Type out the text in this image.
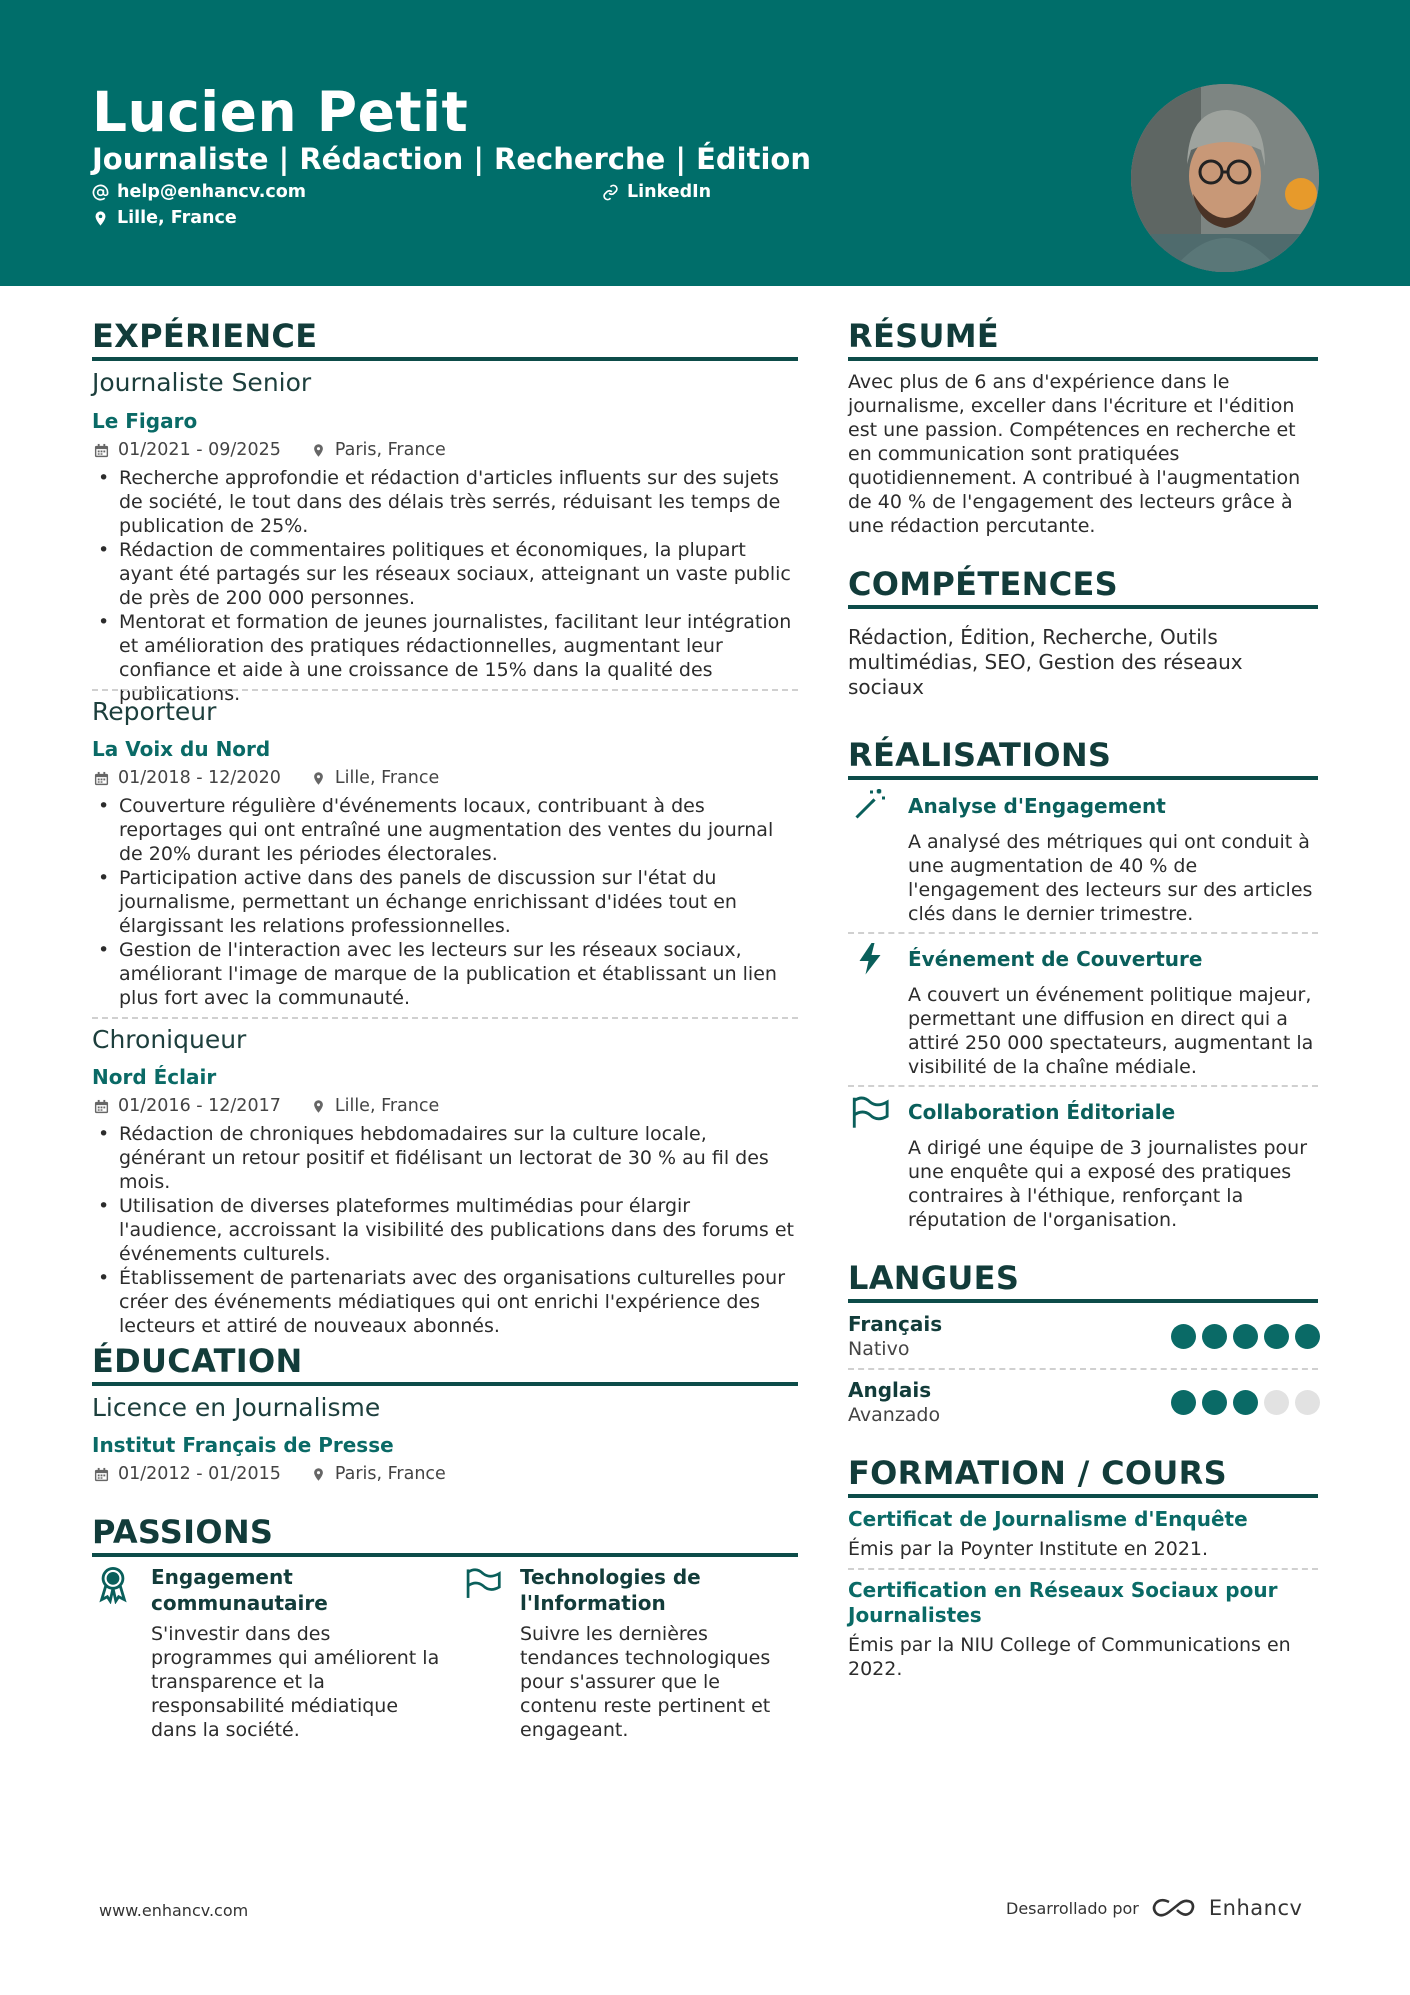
Lucien Petit
Journaliste | Rédaction | Recherche | Édition
help@enhancv.com	LinkedIn
Lille, France
EXPÉRIENCE
Journaliste Senior
Le Figaro
01/2021 - 09/2025	Paris, France
• Recherche approfondie et rédaction d'articles influents sur des sujets de société, le tout dans des délais très serrés, réduisant les temps de publication de 25%.
• Rédaction de commentaires politiques et économiques, la plupart ayant été partagés sur les réseaux sociaux, atteignant un vaste public de près de 200 000 personnes.
• Mentorat et formation de jeunes journalistes, facilitant leur intégration et amélioration des pratiques rédactionnelles, augmentant leur confiance et aide à une croissance de 15% dans la qualité des publications.
Reporteur
La Voix du Nord
01/2018 - 12/2020	Lille, France
• Couverture régulière d'événements locaux, contribuant à des reportages qui ont entraîné une augmentation des ventes du journal de 20% durant les périodes électorales.
• Participation active dans des panels de discussion sur l'état du journalisme, permettant un échange enrichissant d'idées tout en élargissant les relations professionnelles.
• Gestion de l'interaction avec les lecteurs sur les réseaux sociaux, améliorant l'image de marque de la publication et établissant un lien plus fort avec la communauté.
Chroniqueur
Nord Éclair
01/2016 - 12/2017	Lille, France
• Rédaction de chroniques hebdomadaires sur la culture locale, générant un retour positif et fidélisant un lectorat de 30 % au fil des mois.
• Utilisation de diverses plateformes multimédias pour élargir l'audience, accroissant la visibilité des publications dans des forums et événements culturels.
• Établissement de partenariats avec des organisations culturelles pour créer des événements médiatiques qui ont enrichi l'expérience des lecteurs et attiré de nouveaux abonnés.
ÉDUCATION
Licence en Journalisme
Institut Français de Presse
01/2012 - 01/2015	Paris, France
PASSIONS
Engagement communautaire
S'investir dans des programmes qui améliorent la transparence et la responsabilité médiatique dans la société.
Technologies de l'Information
Suivre les dernières tendances technologiques pour s'assurer que le contenu reste pertinent et engageant.
RÉSUMÉ
Avec plus de 6 ans d'expérience dans le journalisme, exceller dans l'écriture et l'édition est une passion. Compétences en recherche et en communication sont pratiquées quotidiennement. A contribué à l'augmentation de 40 % de l'engagement des lecteurs grâce à une rédaction percutante.
COMPÉTENCES
Rédaction, Édition, Recherche, Outils multimédias, SEO, Gestion des réseaux sociaux
RÉALISATIONS
Analyse d'Engagement
A analysé des métriques qui ont conduit à une augmentation de 40 % de l'engagement des lecteurs sur des articles clés dans le dernier trimestre.
Événement de Couverture
A couvert un événement politique majeur, permettant une diffusion en direct qui a attiré 250 000 spectateurs, augmentant la visibilité de la chaîne médiale.
Collaboration Éditoriale
A dirigé une équipe de 3 journalistes pour une enquête qui a exposé des pratiques contraires à l'éthique, renforçant la réputation de l'organisation.
LANGUES
Français
Nativo
Anglais
Avanzado
FORMATION / COURS
Certificat de Journalisme d'Enquête
Émis par la Poynter Institute en 2021.
Certification en Réseaux Sociaux pour Journalistes
Émis par la NIU College of Communications en 2022.
www.enhancv.com	Desarrollado por	Enhancv
